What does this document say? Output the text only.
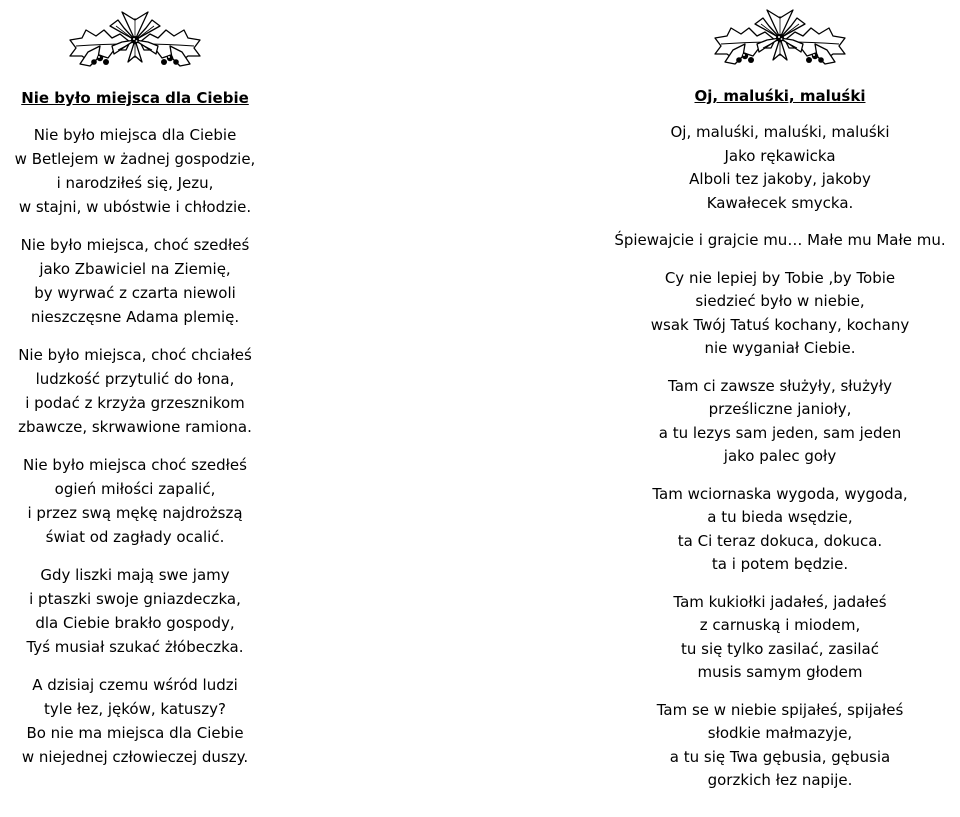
Nie było miejsca dla Ciebie
Nie było miejsca dla Ciebie
w Betlejem w żadnej gospodzie,
i narodziłeś się, Jezu,
w stajni, w ubóstwie i chłodzie.
Nie było miejsca, choć szedłeś
jako Zbawiciel na Ziemię,
by wyrwać z czarta niewoli
nieszczęsne Adama plemię.
Nie było miejsca, choć chciałeś
ludzkość przytulić do łona,
i podać z krzyża grzesznikom
zbawcze, skrwawione ramiona.
Nie było miejsca choć szedłeś
ogień miłości zapalić,
i przez swą mękę najdroższą
świat od zagłady ocalić.
Gdy liszki mają swe jamy
i ptaszki swoje gniazdeczka,
dla Ciebie brakło gospody,
Tyś musiał szukać żłóbeczka.
A dzisiaj czemu wśród ludzi
tyle łez, jęków, katuszy?
Bo nie ma miejsca dla Ciebie
w niejednej człowieczej duszy.
Oj, maluśki, maluśki
Oj, maluśki, maluśki, maluśki
Jako rękawicka
Alboli tez jakoby, jakoby
Kawałecek smycka.
Śpiewajcie i grajcie mu… Małe mu Małe mu.
Cy nie lepiej by Tobie ,by Tobie
siedzieć było w niebie,
wsak Twój Tatuś kochany, kochany
nie wyganiał Ciebie.
Tam ci zawsze służyły, służyły
prześliczne janioły,
a tu lezys sam jeden, sam jeden
jako palec goły
Tam wciornaska wygoda, wygoda,
a tu bieda wsędzie,
ta Ci teraz dokuca, dokuca.
ta i potem będzie.
Tam kukiołki jadałeś, jadałeś
z carnuską i miodem,
tu się tylko zasilać, zasilać
musis samym głodem
Tam se w niebie spijałeś, spijałeś
słodkie małmazyje,
a tu się Twa gębusia, gębusia
gorzkich łez napije.
